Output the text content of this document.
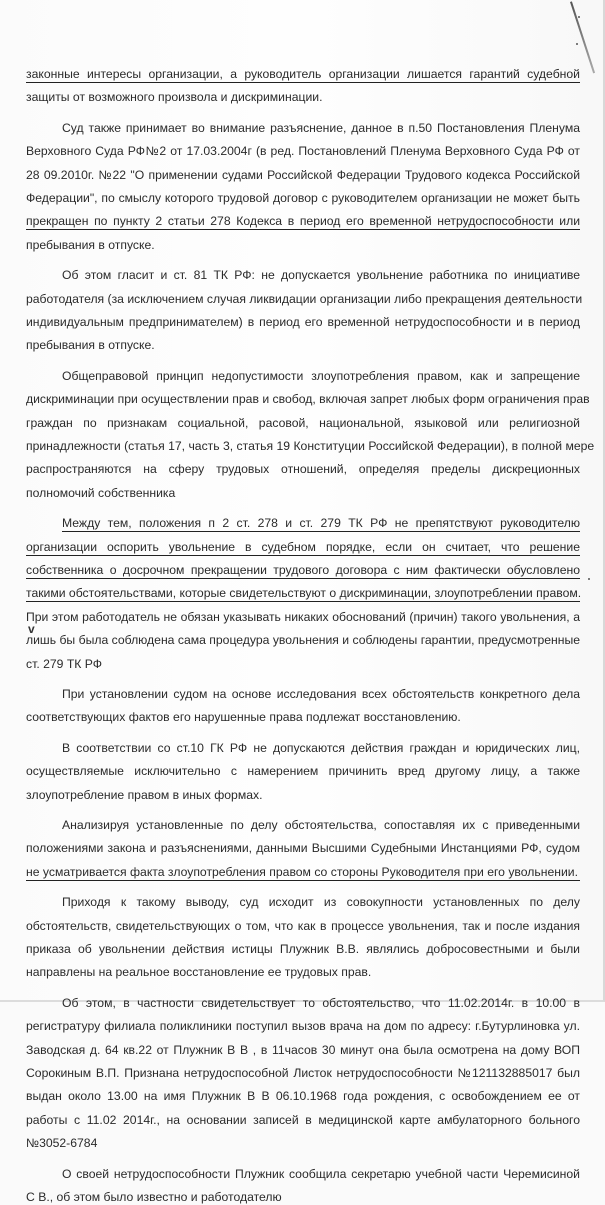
v
законные интересы организации, а руководитель организации лишается гарантий судебной
защиты от возможного произвола и дискриминации.
Суд также принимает во внимание разъяснение, данное в п.50 Постановления Пленума
Верховного Суда РФ№2 от 17.03.2004г (в ред. Постановлений Пленума Верховного Суда РФ от
28 09.2010г. №22 "О применении судами Российской Федерации Трудового кодекса Российской
Федерации", по смыслу которого трудовой договор с руководителем организации не может быть
прекращен по пункту 2 статьи 278 Кодекса в период его временной нетрудоспособности или
пребывания в отпуске.
Об этом гласит и ст. 81 ТК РФ: не допускается увольнение работника по инициативе
работодателя (за исключением случая ликвидации организации либо прекращения деятельности
индивидуальным предпринимателем) в период его временной нетрудоспособности и в период
пребывания в отпуске.
Общеправовой принцип недопустимости злоупотребления правом, как и запрещение
дискриминации при осуществлении прав и свобод, включая запрет любых форм ограничения прав
граждан по признакам социальной, расовой, национальной, языковой или религиозной
принадлежности (статья 17, часть 3, статья 19 Конституции Российской Федерации), в полной мере
распространяются на сферу трудовых отношений, определяя пределы дискреционных
полномочий собственника
Между тем, положения п 2 ст. 278 и ст. 279 ТК РФ не препятствуют руководителю
организации оспорить увольнение в судебном порядке, если он считает, что решение
собственника о досрочном прекращении трудового договора с ним фактически обусловлено
такими обстоятельствами, которые свидетельствуют о дискриминации, злоупотреблении правом.
При этом работодатель не обязан указывать никаких обоснований (причин) такого увольнения, а
лишь бы была соблюдена сама процедура увольнения и соблюдены гарантии, предусмотренные
ст. 279 ТК РФ
При установлении судом на основе исследования всех обстоятельств конкретного дела
соответствующих фактов его нарушенные права подлежат восстановлению.
В соответствии со ст.10 ГК РФ не допускаются действия граждан и юридических лиц,
осуществляемые исключительно с намерением причинить вред другому лицу, а также
злоупотребление правом в иных формах.
Анализируя установленные по делу обстоятельства, сопоставляя их с приведенными
положениями закона и разъяснениями, данными Высшими Судебными Инстанциями РФ, судом
не усматривается факта злоупотребления правом со стороны Руководителя при его увольнении.
Приходя к такому выводу, суд исходит из совокупности установленных по делу
обстоятельств, свидетельствующих о том, что как в процессе увольнения, так и после издания
приказа об увольнении действия истицы Плужник В.В. являлись добросовестными и были
направлены на реальное восстановление ее трудовых прав.
Об этом, в частности свидетельствует то обстоятельство, что 11.02.2014г. в 10.00 в
регистратуру филиала поликлиники поступил вызов врача на дом по адресу: г.Бутурлиновка ул.
Заводская д. 64 кв.22 от Плужник В В , в 11часов 30 минут она была осмотрена на дому ВОП
Сорокиным В.П. Признана нетрудоспособной Листок нетрудоспособности №121132885017 был
выдан около 13.00 на имя Плужник В В 06.10.1968 года рождения, с освобождением ее от
работы с 11.02 2014г., на основании записей в медицинской карте амбулаторного больного
№3052-6784
О своей нетрудоспособности Плужник сообщила секретарю учебной части Черемисиной
С В., об этом было известно и работодателю
